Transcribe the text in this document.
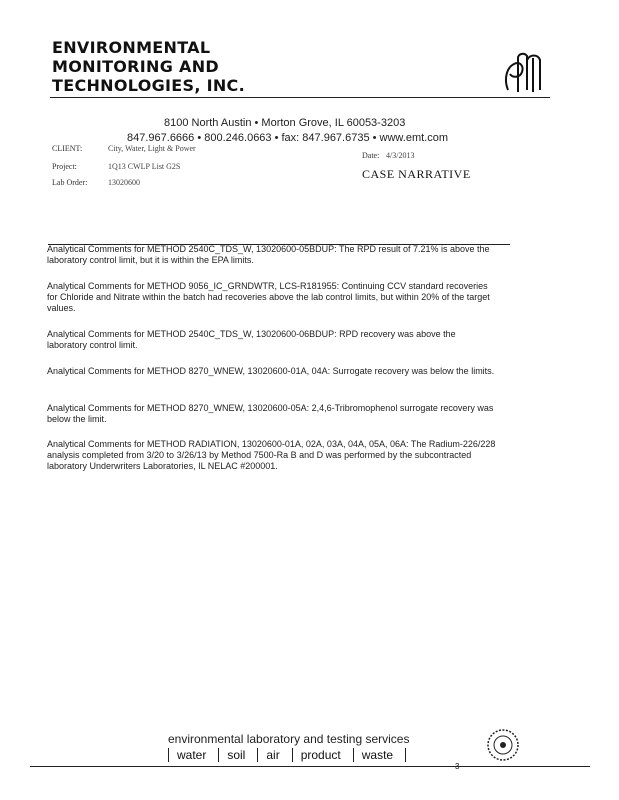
ENVIRONMENTAL
MONITORING AND
TECHNOLOGIES, INC.
8100 North Austin • Morton Grove, IL 60053-3203
847.967.6666 • 800.246.0663 • fax: 847.967.6735 • www.emt.com
CLIENT:	City, Water, Light & Power
Project:	1Q13 CWLP List G2S
Lab Order:	13020600
Date: 4/3/2013
CASE NARRATIVE
Analytical Comments for METHOD 2540C_TDS_W, 13020600-05BDUP: The RPD result of 7.21% is above the laboratory control limit, but it is within the EPA limits.
Analytical Comments for METHOD 9056_IC_GRNDWTR, LCS-R181955: Continuing CCV standard recoveries for Chloride and Nitrate within the batch had recoveries above the lab control limits, but within 20% of the target values.
Analytical Comments for METHOD 2540C_TDS_W, 13020600-06BDUP: RPD recovery was above the laboratory control limit.
Analytical Comments for METHOD 8270_WNEW, 13020600-01A, 04A: Surrogate recovery was below the limits.
Analytical Comments for METHOD 8270_WNEW, 13020600-05A: 2,4,6-Tribromophenol surrogate recovery was below the limit.
Analytical Comments for METHOD RADIATION, 13020600-01A, 02A, 03A, 04A, 05A, 06A: The Radium-226/228 analysis completed from 3/20 to 3/26/13 by Method 7500-Ra B and D was performed by the subcontracted laboratory Underwriters Laboratories, IL NELAC #200001.
environmental laboratory and testing services
water	soil	air	product	waste
